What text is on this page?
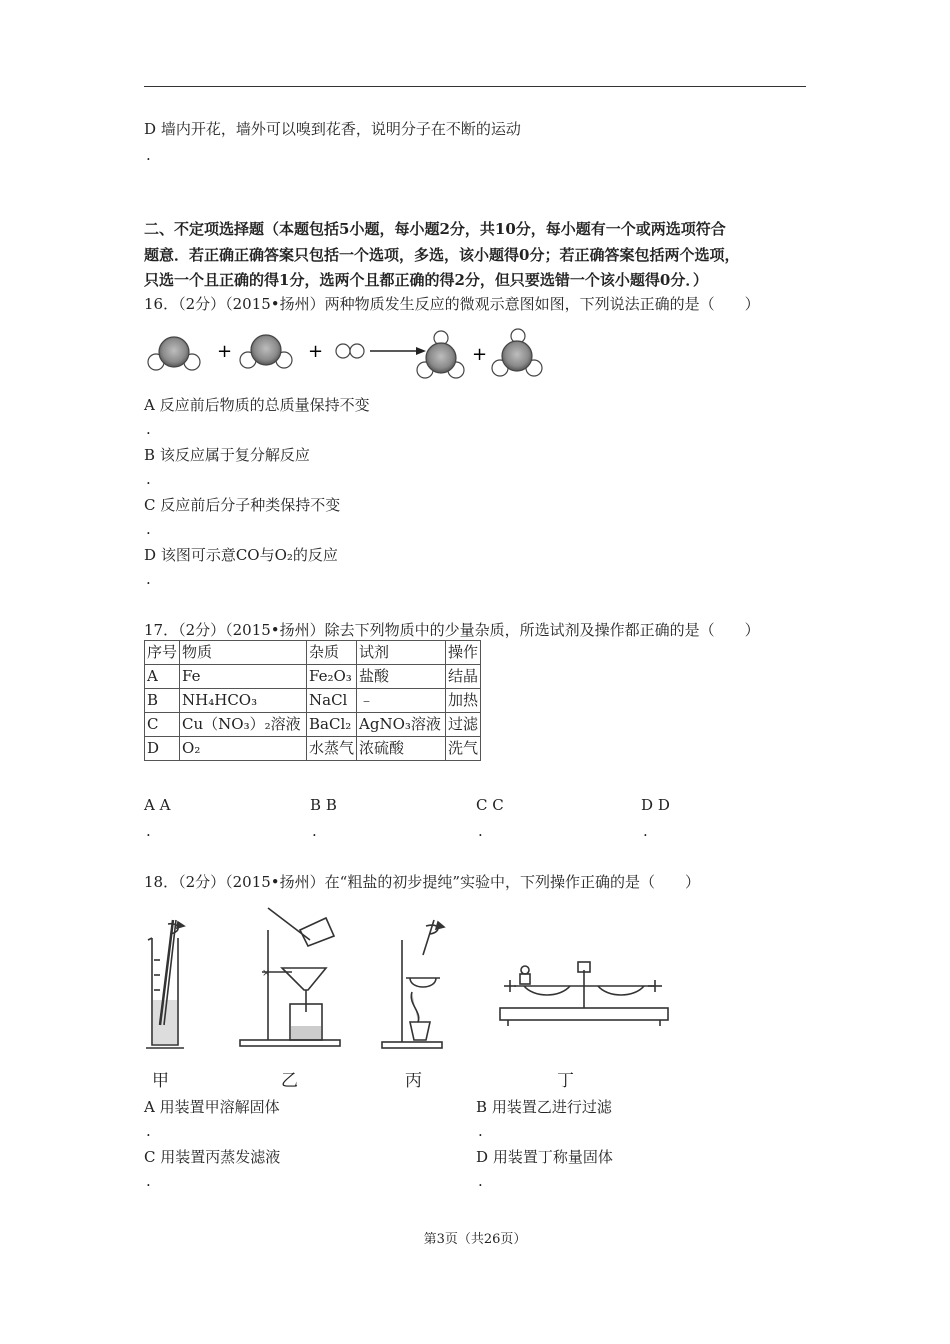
D 墙内开花，墙外可以嗅到花香，说明分子在不断的运动
.
二、不定项选择题（本题包括5小题，每小题2分，共10分，每小题有一个或两选项符合
题意．若正确正确答案只包括一个选项，多选，该小题得0分；若正确答案包括两个选项，
只选一个且正确的得1分，选两个且都正确的得2分，但只要选错一个该小题得0分．）
16．（2分）（2015•扬州）两种物质发生反应的微观示意图如图，下列说法正确的是（　　）
+	+	+
A 反应前后物质的总质量保持不变
.
B 该反应属于复分解反应
.
C 反应前后分子种类保持不变
.
D 该图可示意CO与O₂的反应
.
17．（2分）（2015•扬州）除去下列物质中的少量杂质，所选试剂及操作都正确的是（　　）
序号	物质	杂质	试剂	操作
A	Fe	Fe₂O₃	盐酸	结晶
B	NH₄HCO₃	NaCl	﹣	加热
C	Cu（NO₃）₂溶液	BaCl₂	AgNO₃溶液	过滤
D	O₂	水蒸气	浓硫酸	洗气
A A
.
B B
.
C C
.
D D
.
18．（2分）（2015•扬州）在“粗盐的初步提纯”实验中，下列操作正确的是（　　）
×
甲	乙	丙	丁
A 用装置甲溶解固体
.
B 用装置乙进行过滤
.
C 用装置丙蒸发滤液
.
D 用装置丁称量固体
.
第3页（共26页）
